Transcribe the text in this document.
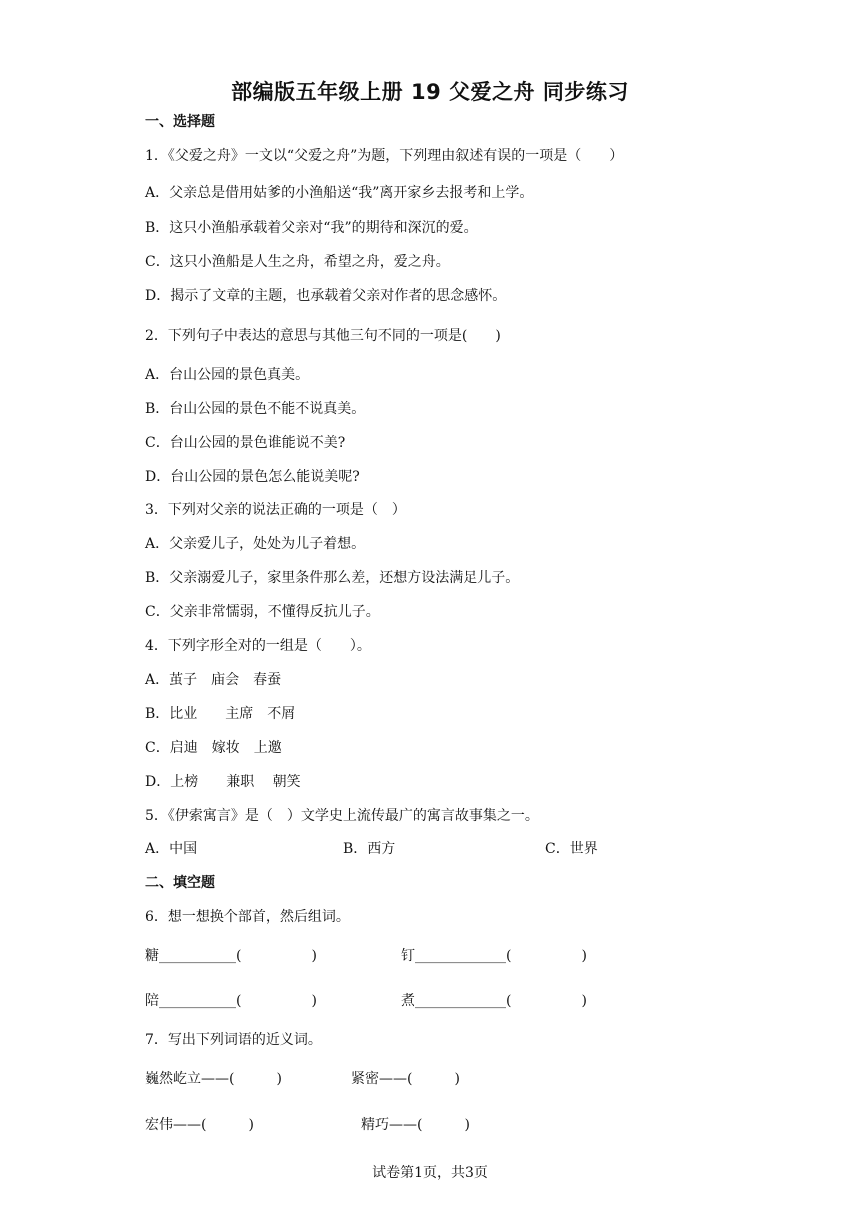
部编版五年级上册 19 父爱之舟 同步练习
一、选择题
1．《父爱之舟》一文以“父爱之舟”为题，下列理由叙述有误的一项是（　　）
A．父亲总是借用姑爹的小渔船送“我”离开家乡去报考和上学。
B．这只小渔船承载着父亲对“我”的期待和深沉的爱。
C．这只小渔船是人生之舟，希望之舟，爱之舟。
D．揭示了文章的主题，也承载着父亲对作者的思念感怀。
2．下列句子中表达的意思与其他三句不同的一项是(　　)
A．台山公园的景色真美。
B．台山公园的景色不能不说真美。
C．台山公园的景色谁能说不美?
D．台山公园的景色怎么能说美呢?
3．下列对父亲的说法正确的一项是（　）
A．父亲爱儿子，处处为儿子着想。
B．父亲溺爱儿子，家里条件那么差，还想方设法满足儿子。
C．父亲非常懦弱，不懂得反抗儿子。
4．下列字形全对的一组是（　　）。
A．茧子　庙会　春蚕
B．比业　　主席　不屑
C．启迪　嫁妆　上邀
D．上榜　　兼职　 朝笑
5．《伊索寓言》是（　）文学史上流传最广的寓言故事集之一。
A．中国	B．西方	C．世界
二、填空题
6．想一想换个部首，然后组词。
糖___________(　　　　　)	钉_____________(　　　　　)
陪___________(　　　　　)	煮_____________(　　　　　)
7．写出下列词语的近义词。
巍然屹立——(　　　)	紧密——(　　　)
宏伟——(　　　)	精巧——(　　　)
试卷第1页，共3页
